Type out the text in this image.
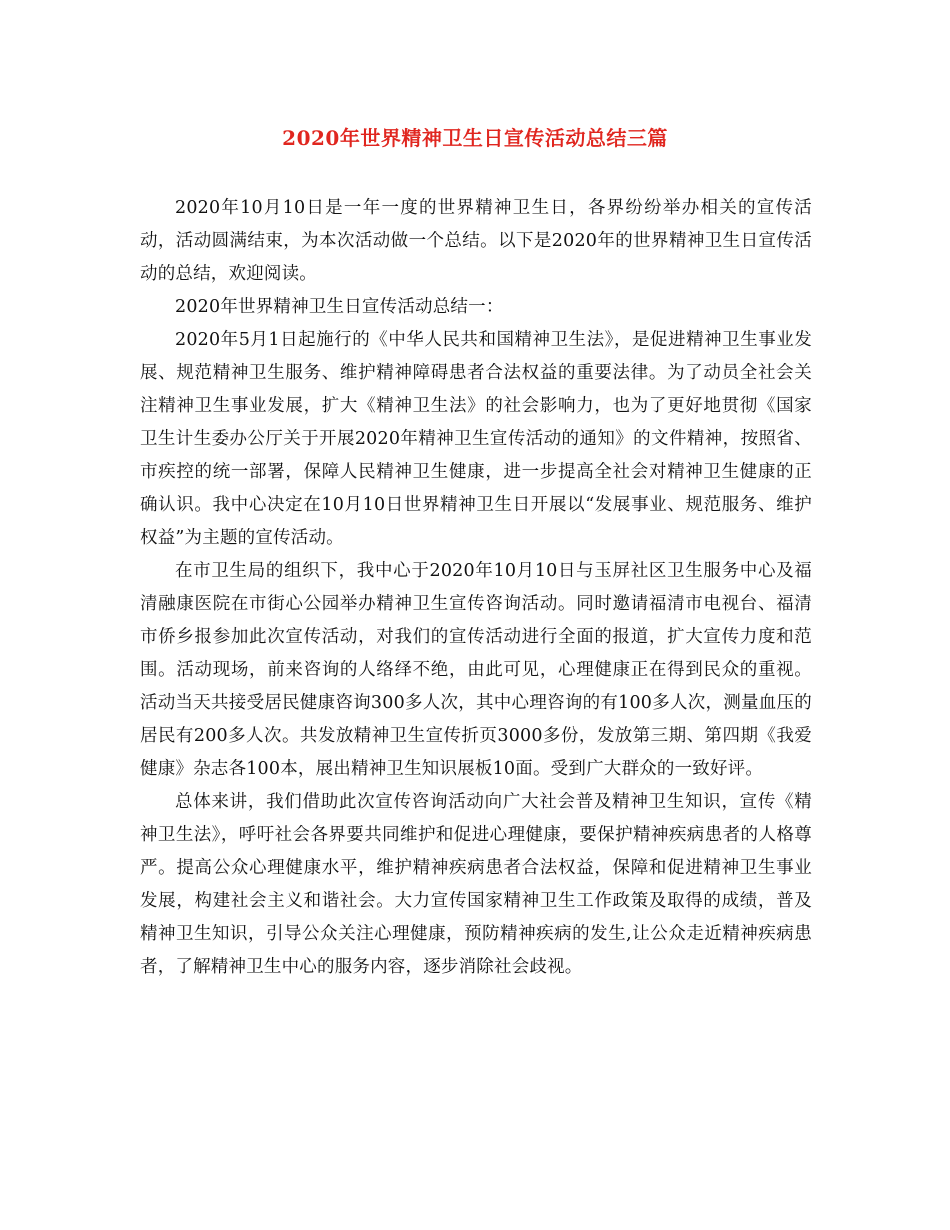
2020年世界精神卫生日宣传活动总结三篇

2020年10月10日是一年一度的世界精神卫生日，各界纷纷举办相关的宣传活动，活动圆满结束，为本次活动做一个总结。以下是2020年的世界精神卫生日宣传活动的总结，欢迎阅读。

2020年世界精神卫生日宣传活动总结一：

2020年5月1日起施行的《中华人民共和国精神卫生法》，是促进精神卫生事业发展、规范精神卫生服务、维护精神障碍患者合法权益的重要法律。为了动员全社会关注精神卫生事业发展，扩大《精神卫生法》的社会影响力，也为了更好地贯彻《国家卫生计生委办公厅关于开展2020年精神卫生宣传活动的通知》的文件精神，按照省、市疾控的统一部署，保障人民精神卫生健康，进一步提高全社会对精神卫生健康的正确认识。我中心决定在10月10日世界精神卫生日开展以“发展事业、规范服务、维护权益”为主题的宣传活动。

在市卫生局的组织下，我中心于2020年10月10日与玉屏社区卫生服务中心及福清融康医院在市街心公园举办精神卫生宣传咨询活动。同时邀请福清市电视台、福清市侨乡报参加此次宣传活动，对我们的宣传活动进行全面的报道，扩大宣传力度和范围。活动现场，前来咨询的人络绎不绝，由此可见，心理健康正在得到民众的重视。活动当天共接受居民健康咨询300多人次，其中心理咨询的有100多人次，测量血压的居民有200多人次。共发放精神卫生宣传折页3000多份，发放第三期、第四期《我爱健康》杂志各100本，展出精神卫生知识展板10面。受到广大群众的一致好评。

总体来讲，我们借助此次宣传咨询活动向广大社会普及精神卫生知识，宣传《精神卫生法》，呼吁社会各界要共同维护和促进心理健康，要保护精神疾病患者的人格尊严。提高公众心理健康水平，维护精神疾病患者合法权益，保障和促进精神卫生事业发展，构建社会主义和谐社会。大力宣传国家精神卫生工作政策及取得的成绩，普及精神卫生知识，引导公众关注心理健康，预防精神疾病的发生,让公众走近精神疾病患者，了解精神卫生中心的服务内容，逐步消除社会歧视。
